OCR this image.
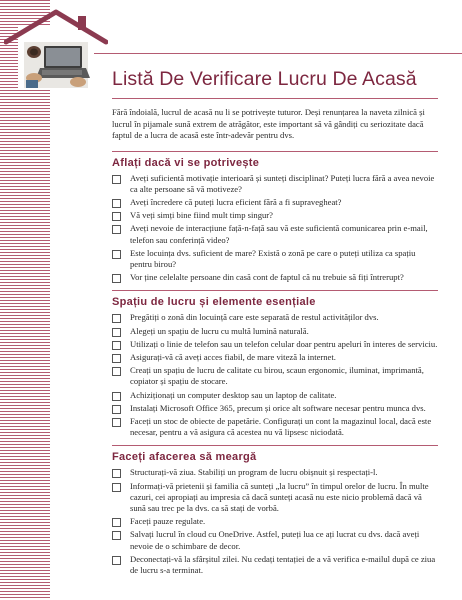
Listă De Verificare Lucru De Acasă

Fără îndoială, lucrul de acasă nu li se potrivește tuturor. Deși renunțarea la naveta zilnică și lucrul în pijamale sună extrem de atrăgător, este important să vă gândiți cu seriozitate dacă faptul de a lucra de acasă este într-adevăr pentru dvs.

Aflați dacă vi se potrivește
Aveți suficientă motivație interioară și sunteți disciplinat? Puteți lucra fără a avea nevoie ca alte persoane să vă motiveze?
Aveți încredere că puteți lucra eficient fără a fi supravegheat?
Vă veți simți bine fiind mult timp singur?
Aveți nevoie de interacțiune față-n-față sau vă este suficientă comunicarea prin e-mail, telefon sau conferință video?
Este locuința dvs. suficient de mare? Există o zonă pe care o puteți utiliza ca spațiu pentru birou?
Vor ține celelalte persoane din casă cont de faptul că nu trebuie să fiți întrerupt?
Spațiu de lucru și elemente esențiale
Pregătiți o zonă din locuință care este separată de restul activităților dvs.
Alegeți un spațiu de lucru cu multă lumină naturală.
Utilizați o linie de telefon sau un telefon celular doar pentru apeluri în interes de serviciu.
Asigurați-vă că aveți acces fiabil, de mare viteză la internet.
Creați un spațiu de lucru de calitate cu birou, scaun ergonomic, iluminat, imprimantă, copiator și spațiu de stocare.
Achiziționați un computer desktop sau un laptop de calitate.
Instalați Microsoft Office 365, precum și orice alt software necesar pentru munca dvs.
Faceți un stoc de obiecte de papetărie. Configurați un cont la magazinul local, dacă este necesar, pentru a vă asigura că acestea nu vă lipsesc niciodată.
Faceți afacerea să meargă
Structurați-vă ziua. Stabiliți un program de lucru obișnuit și respectați-l.
Informați-vă prietenii și familia că sunteți „la lucru” în timpul orelor de lucru. În multe cazuri, cei apropiați au impresia că dacă sunteți acasă nu este nicio problemă dacă vă sună sau trec pe la dvs. ca să stați de vorbă.
Faceți pauze regulate.
Salvați lucrul în cloud cu OneDrive. Astfel, puteți lua ce ați lucrat cu dvs. dacă aveți nevoie de o schimbare de decor.
Deconectați-vă la sfârșitul zilei. Nu cedați tentației de a vă verifica e-mailul după ce ziua de lucru s-a terminat.
